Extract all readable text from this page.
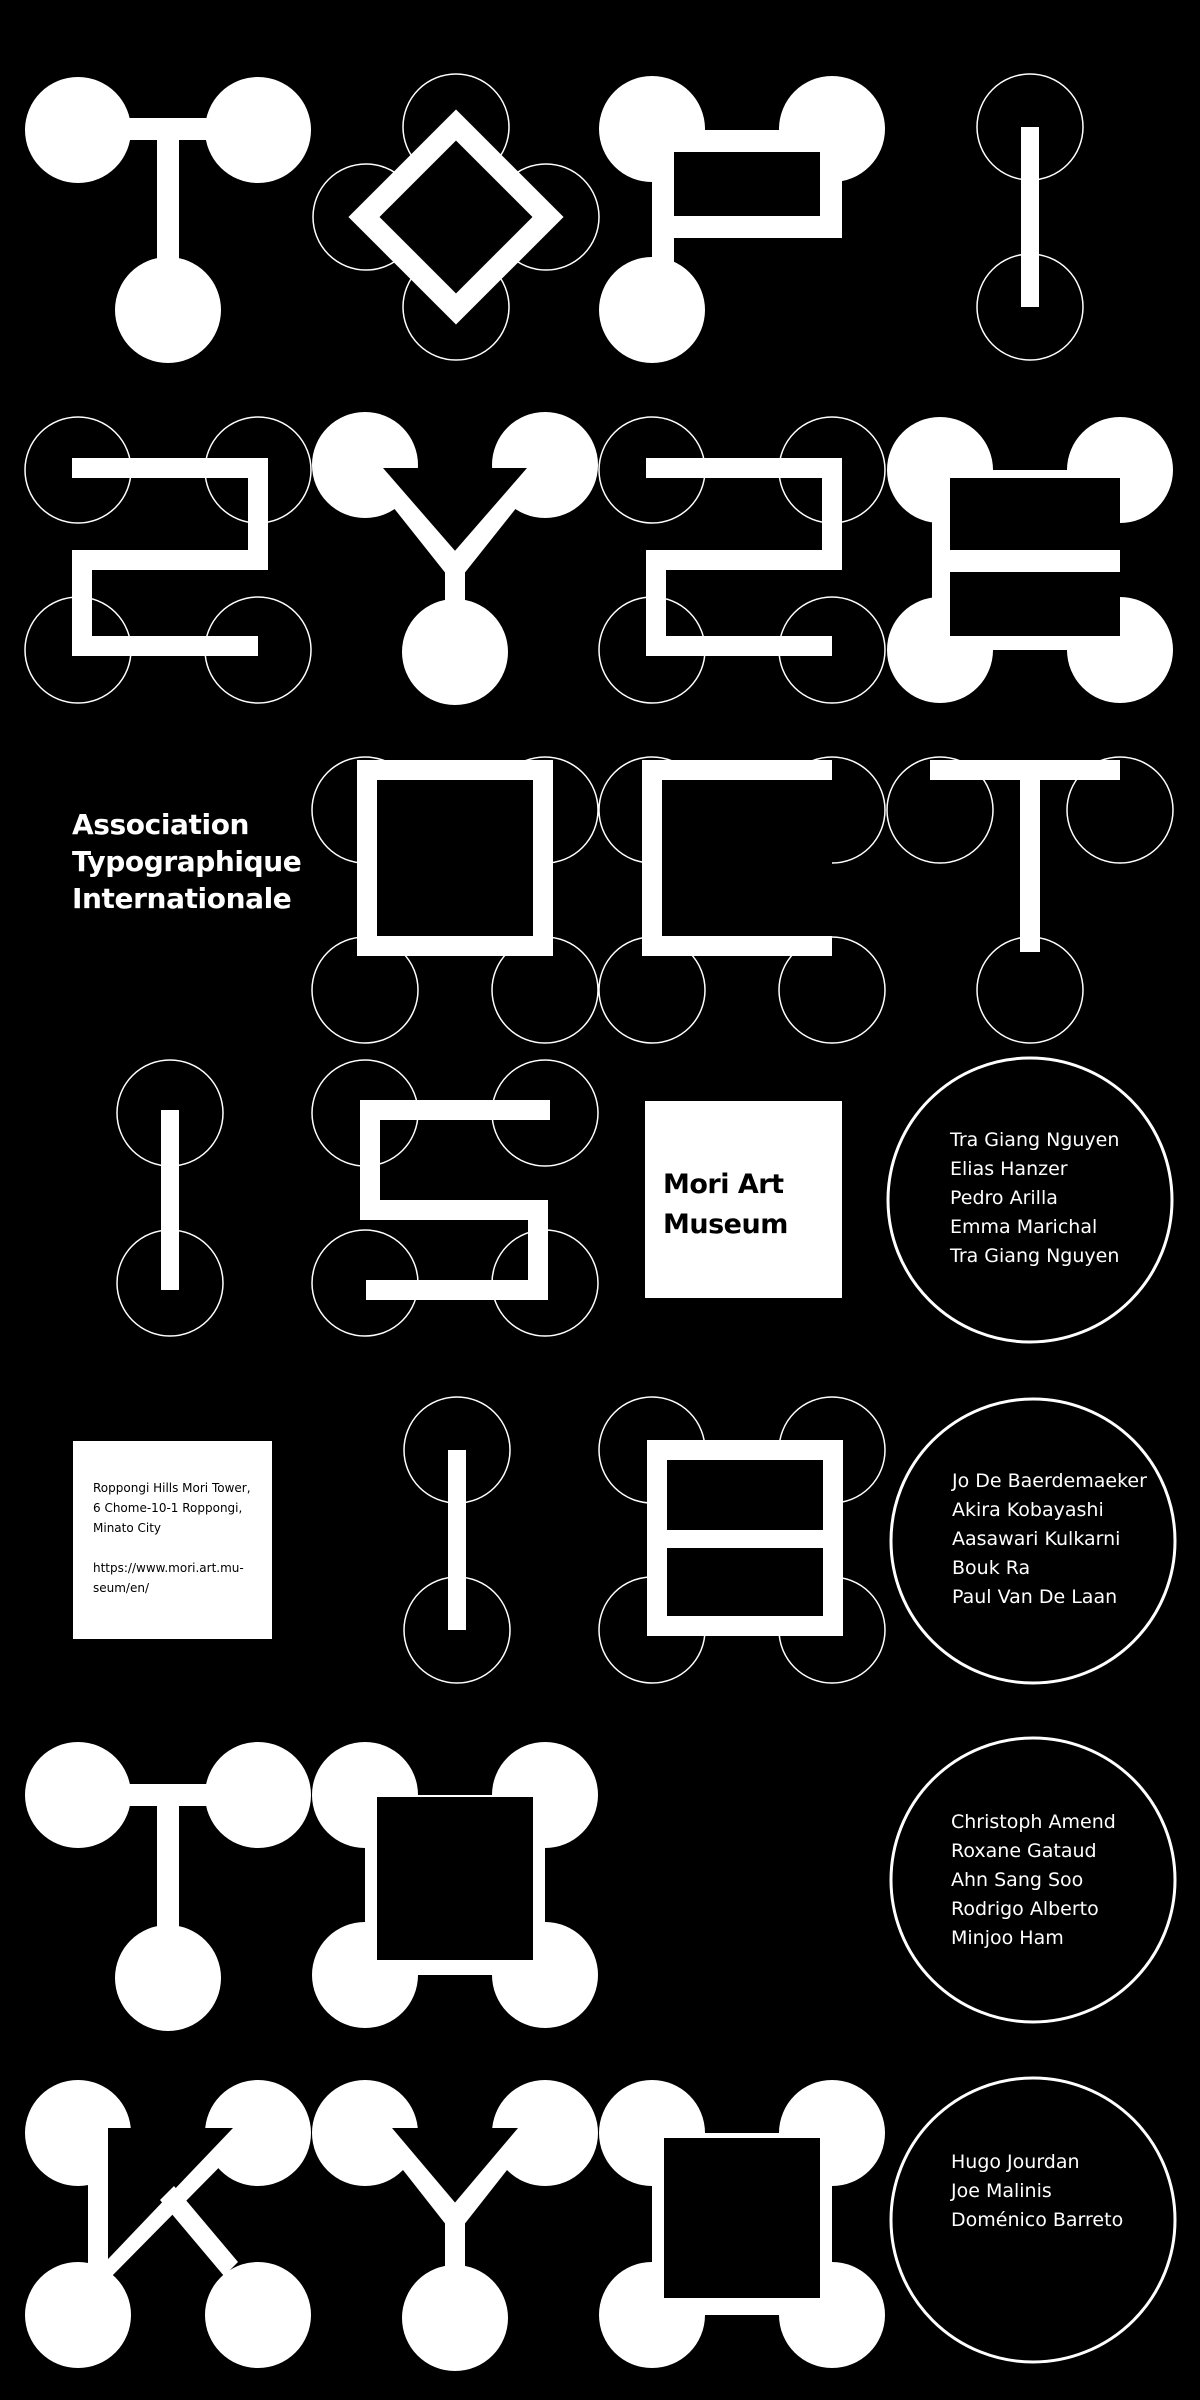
Association
Typographique
Internationale
Mori Art
Museum
Roppongi Hills Mori Tower,
6 Chome-10-1 Roppongi,
Minato City
https://www.mori.art.mu-
seum/en/
Tra Giang Nguyen
Elias Hanzer
Pedro Arilla
Emma Marichal
Tra Giang Nguyen
Jo De Baerdemaeker
Akira Kobayashi
Aasawari Kulkarni
Bouk Ra
Paul Van De Laan
Christoph Amend
Roxane Gataud
Ahn Sang Soo
Rodrigo Alberto
Minjoo Ham
Hugo Jourdan
Joe Malinis
Doménico Barreto
